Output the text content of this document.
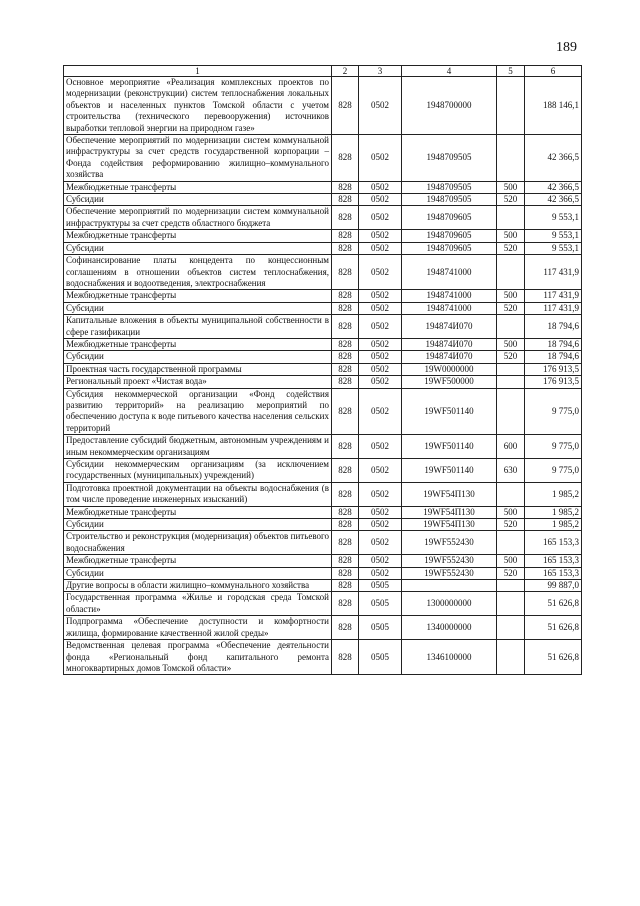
189
1	2	3	4	5	6
Основное мероприятие «Реализация комплексных проектов по модернизации (реконструкции) систем теплоснабжения локальных объектов и населенных пунктов Томской области с учетом строительства (технического перевооружения) источников выработки тепловой энергии на природном газе»	828	0502	1948700000		188 146,1
Обеспечение мероприятий по модернизации систем коммунальной инфраструктуры за счет средств государственной корпорации – Фонда содействия реформированию жилищно–коммунального хозяйства	828	0502	1948709505		42 366,5
Межбюджетные трансферты	828	0502	1948709505	500	42 366,5
Субсидии	828	0502	1948709505	520	42 366,5
Обеспечение мероприятий по модернизации систем коммунальной инфраструктуры за счет средств областного бюджета	828	0502	1948709605		9 553,1
Межбюджетные трансферты	828	0502	1948709605	500	9 553,1
Субсидии	828	0502	1948709605	520	9 553,1
Софинансирование платы концедента по концессионным соглашениям в отношении объектов систем теплоснабжения, водоснабжения и водоотведения, электроснабжения	828	0502	1948741000		117 431,9
Межбюджетные трансферты	828	0502	1948741000	500	117 431,9
Субсидии	828	0502	1948741000	520	117 431,9
Капитальные вложения в объекты муниципальной собственности в сфере газификации	828	0502	194874И070		18 794,6
Межбюджетные трансферты	828	0502	194874И070	500	18 794,6
Субсидии	828	0502	194874И070	520	18 794,6
Проектная часть государственной программы	828	0502	19W0000000		176 913,5
Региональный проект «Чистая вода»	828	0502	19WF500000		176 913,5
Субсидия некоммерческой организации «Фонд содействия развитию территорий» на реализацию мероприятий по обеспечению доступа к воде питьевого качества населения сельских территорий	828	0502	19WF501140		9 775,0
Предоставление субсидий бюджетным, автономным учреждениям и иным некоммерческим организациям	828	0502	19WF501140	600	9 775,0
Субсидии некоммерческим организациям (за исключением государственных (муниципальных) учреждений)	828	0502	19WF501140	630	9 775,0
Подготовка проектной документации на объекты водоснабжения (в том числе проведение инженерных изысканий)	828	0502	19WF54П130		1 985,2
Межбюджетные трансферты	828	0502	19WF54П130	500	1 985,2
Субсидии	828	0502	19WF54П130	520	1 985,2
Строительство и реконструкция (модернизация) объектов питьевого водоснабжения	828	0502	19WF552430		165 153,3
Межбюджетные трансферты	828	0502	19WF552430	500	165 153,3
Субсидии	828	0502	19WF552430	520	165 153,3
Другие вопросы в области жилищно–коммунального хозяйства	828	0505			99 887,0
Государственная программа «Жилье и городская среда Томской области»	828	0505	1300000000		51 626,8
Подпрограмма «Обеспечение доступности и комфортности жилища, формирование качественной жилой среды»	828	0505	1340000000		51 626,8
Ведомственная целевая программа «Обеспечение деятельности фонда «Региональный фонд капитального ремонта многоквартирных домов Томской области»	828	0505	1346100000		51 626,8
